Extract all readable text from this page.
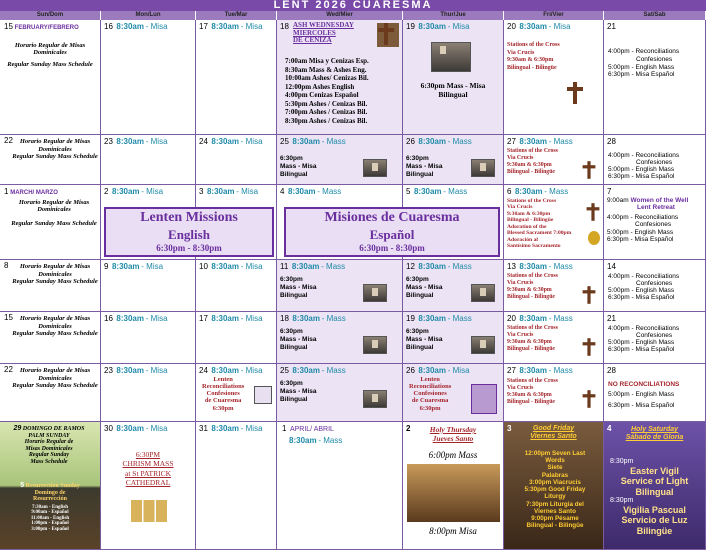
LENT 2026 CUARESMA
Sun/Dom	Mon/Lun	Tue/Mar	Wed/Mier	Thur/Jue	Fri/Vier	Sat/Sab
15 FEBRUARY/FEBRERO
Horario Regular de Misas Dominicales
Regular Sunday Mass Schedule
16 8:30am - Misa	17 8:30am - Misa	18 ASH WEDNESDAY
MIERCOLES
DE CENIZA
7:00am Misa y Cenizas Esp.
8:30am Mass & Ashes Eng.
10:00am Ashes/ Cenizas Bil.
12:00pm Ashes English
4:00pm Cenizas Español
5:30pm Ashes / Cenizas Bil.
7:00pm Ashes / Cenizas Bil.
8:30pm Ashes / Cenizas Bil.
19 8:30am - Misa
6:30pm Mass - Misa
Bilingual
20 8:30am - Misa
Stations of the Cross
Via Crucis
9:30am & 6:30pm
Bilingual - Bilingüe
21
4:00pm - Reconciliations
Confesiones
5:00pm - English Mass
6:30pm - Misa Español
22	Horario Regular de Misas Dominicales
Regular Sunday Mass Schedule
23 8:30am - Misa	24 8:30am - Misa	25 8:30am - Mass
6:30pm
Mass - Misa
Bilingual
26 8:30am - Mass
6:30pm
Mass - Misa
Bilingual
27 8:30am - Mass
Stations of the Cross
Via Crucis
9:30am & 6:30pm
Bilingual - Bilingüe
28
4:00pm - Reconciliations
Confesiones
5:00pm - English Mass
6:30pm - Misa Español
1 MARCH/ MARZO
Horario Regular de Misas Dominicales
Regular Sunday Mass Schedule
2 8:30am - Misa	3 8:30am - Misa	4 8:30am - Mass	5 8:30am - Mass
Lenten Missions
English
6:30pm - 8:30pm
Misiones de Cuaresma
Español
6:30pm - 8:30pm
6 8:30am - Mass
Stations of the Cross
Via Crucis
9:30am & 6:30pm
Bilingual - Bilingüe
Adoration of the
Blessed Sacrament 7:00pm
Adoración al
Santísimo Sacramento
7
9:00am Women of the Well
Lent Retreat
4:00pm - Reconciliations
Confesiones
5:00pm - English Mass
6:30pm - Misa Español
8	Horario Regular de Misas Dominicales
Regular Sunday Mass Schedule
9 8:30am - Misa	10 8:30am - Misa	11 8:30am - Mass
6:30pm
Mass - Misa
Bilingual
12 8:30am - Mass
6:30pm
Mass - Misa
Bilingual
13 8:30am - Mass
Stations of the Cross
Via Crucis
9:30am & 6:30pm
Bilingual - Bilingüe
14
4:00pm - Reconciliations
Confesiones
5:00pm - English Mass
6:30pm - Misa Español
15	Horario Regular de Misas Dominicales
Regular Sunday Mass Schedule
16 8:30am - Misa	17 8:30am - Misa	18 8:30am - Mass
6:30pm
Mass - Misa
Bilingual
19 8:30am - Mass
6:30pm
Mass - Misa
Bilingual
20 8:30am - Mass
Stations of the Cross
Via Crucis
9:30am & 6:30pm
Bilingual - Bilingüe
21
4:00pm - Reconciliations
Confesiones
5:00pm - English Mass
6:30pm - Misa Español
22	Horario Regular de Misas Dominicales
Regular Sunday Mass Schedule
23 8:30am - Misa	24 8:30am - Misa
Lenten
Reconciliations
Confesiones
de Cuaresma
6:30pm
25 8:30am - Mass
6:30pm
Mass - Misa
Bilingual
26 8:30am - Misa
Lenten
Reconciliations
Confesiones
de Cuaresma
6:30pm
27 8:30am - Mass
Stations of the Cross
Via Crucis
9:30am & 6:30pm
Bilingual - Bilingüe
28
NO RECONCILIATIONS
5:00pm - English Mass
6:30pm - Misa Español
29 DOMINGO DE RAMOS
PALM SUNDAY
Horario Regular de
Misas Dominicales
Regular Sunday
Mass Schedule
5 Resurrection Sunday
Domingo de
Resurrección
7:30am - English
9:00am - Español
11:00am - English
1:00pm - Español
3:00pm - Español
30 8:30am - Misa
6:30PM
CHRISM MASS
at St PATRICK
CATHEDRAL
31 8:30am - Misa	1 APRIL/ ABRIL
8:30am - Mass
2	Holy Thursday
Jueves Santo
6:00pm Mass
8:00pm Misa
3	Good Friday
Viernes Santo
12:00pm Seven Last
Words
Siete
Palabras
3:00pm Viacrucis
5:30pm Good Friday
Liturgy
7:30pm Liturgia del
Viernes Santo
9:00pm Pésame
Bilingual - Bilingüe
4	Holy Saturday
Sábado de Gloria
8:30pm
Easter Vigil
Service of Light
Bilingual
8:30pm
Vigilia Pascual
Servicio de Luz
Bilingüe
